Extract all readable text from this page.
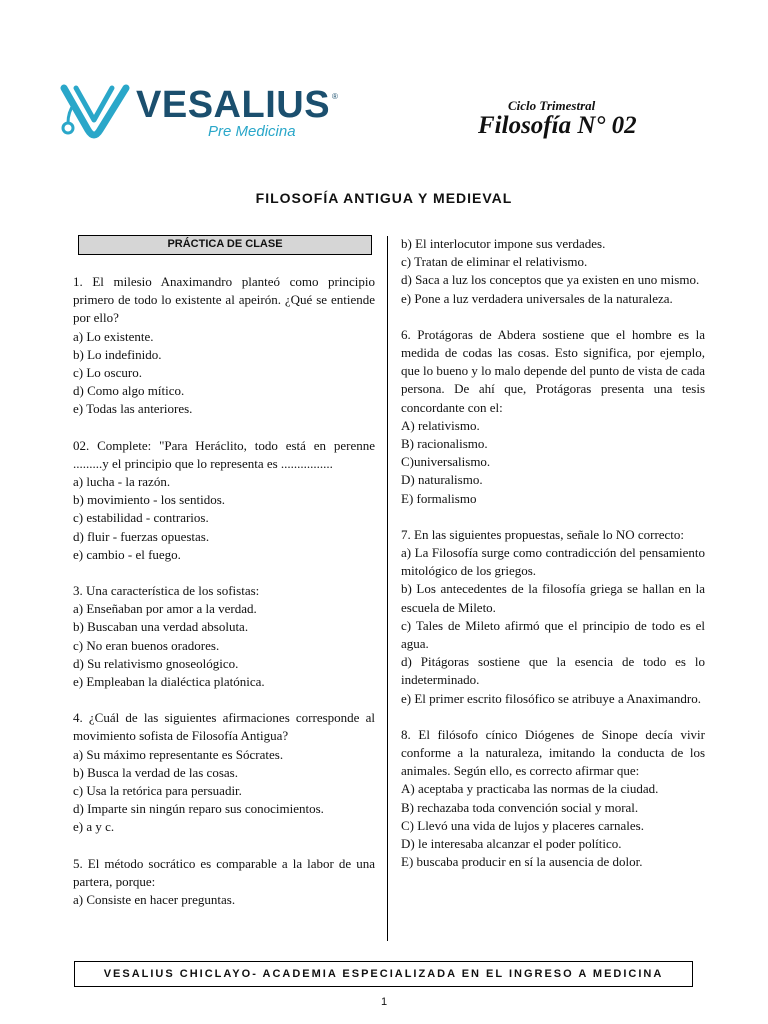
VESALIUS ®
Pre Medicina
Ciclo Trimestral
Filosofía N° 02
FILOSOFÍA ANTIGUA Y MEDIEVAL
PRÁCTICA DE CLASE
1. El milesio Anaximandro planteó como principio primero de todo lo existente al apeirón. ¿Qué se entiende por ello?
a) Lo existente.
b) Lo indefinido.
c) Lo oscuro.
d) Como algo mítico.
e) Todas las anteriores.
02. Complete: "Para Heráclito, todo está en perenne .........y el principio que lo representa es ................
a) lucha - la razón.
b) movimiento - los sentidos.
c) estabilidad - contrarios.
d) fluir - fuerzas opuestas.
e) cambio - el fuego.
3. Una característica de los sofistas:
a) Enseñaban por amor a la verdad.
b) Buscaban una verdad absoluta.
c) No eran buenos oradores.
d) Su relativismo gnoseológico.
e) Empleaban la dialéctica platónica.
4. ¿Cuál de las siguientes afirmaciones corresponde al movimiento sofista de Filosofía Antigua?
a) Su máximo representante es Sócrates.
b) Busca la verdad de las cosas.
c) Usa la retórica para persuadir.
d) Imparte sin ningún reparo sus conocimientos.
e) a y c.
5. El método socrático es comparable a la labor de una partera, porque:
a) Consiste en hacer preguntas.
b) El interlocutor impone sus verdades.
c) Tratan de eliminar el relativismo.
d) Saca a luz los conceptos que ya existen en uno mismo.
e) Pone a luz verdadera universales de la naturaleza.
6. Protágoras de Abdera sostiene que el hombre es la medida de codas las cosas. Esto significa, por ejemplo, que lo bueno y lo malo depende del punto de vista de cada persona. De ahí que, Protágoras presenta una tesis concordante con el:
A) relativismo.
B) racionalismo.
C)universalismo.
D) naturalismo.
E) formalismo
7. En las siguientes propuestas, señale lo NO correcto:
a) La Filosofía surge como contradicción del pensamiento mitológico de los griegos.
b) Los antecedentes de la filosofía griega se hallan en la escuela de Mileto.
c) Tales de Mileto afirmó que el principio de todo es el agua.
d) Pitágoras sostiene que la esencia de todo es lo indeterminado.
e) El primer escrito filosófico se atribuye a Anaximandro.
8. El filósofo cínico Diógenes de Sinope decía vivir conforme a la naturaleza, imitando la conducta de los animales. Según ello, es correcto afirmar que:
A) aceptaba y practicaba las normas de la ciudad.
B) rechazaba toda convención social y moral.
C) Llevó una vida de lujos y placeres carnales.
D) le interesaba alcanzar el poder político.
E) buscaba producir en sí la ausencia de dolor.
VESALIUS CHICLAYO- ACADEMIA ESPECIALIZADA EN EL INGRESO A MEDICINA
1
